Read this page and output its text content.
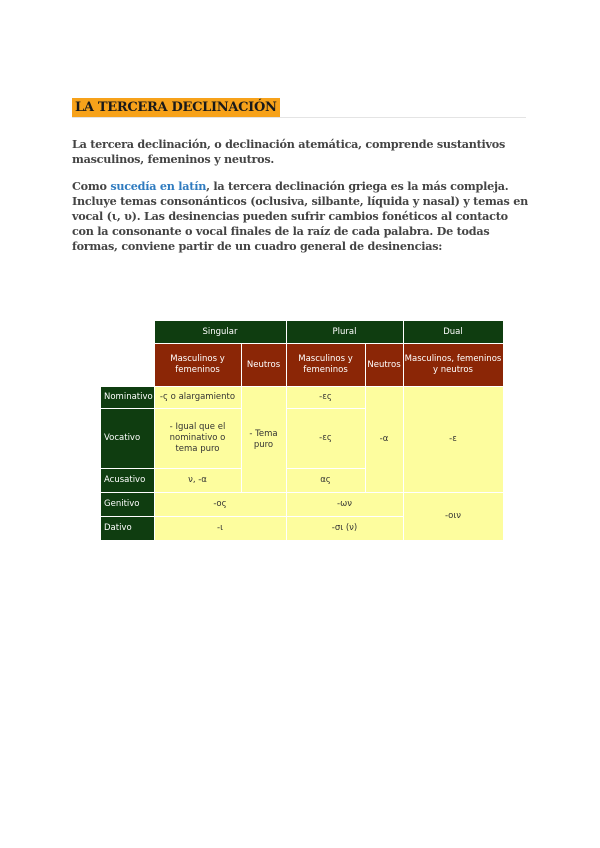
LA TERCERA DECLINACIÓN
La tercera declinación, o declinación atemática, comprende sustantivos masculinos, femeninos y neutros.
Como sucedía en latín, la tercera declinación griega es la más compleja. Incluye temas consonánticos (oclusiva, silbante, líquida y nasal) y temas en vocal (ι, υ). Las desinencias pueden sufrir cambios fonéticos al contacto con la consonante o vocal finales de la raíz de cada palabra. De todas formas, conviene partir de un cuadro general de desinencias:
	Singular		Plural		Dual
	Masculinos y femeninos	Neutros	Masculinos y femeninos	Neutros	Masculinos, femeninos y neutros
Nominativo	-ς o alargamiento	- Tema puro	-ες	-α	-ε
Vocativo	- Igual que el nominativo o tema puro		-ες		
Acusativo	ν, -α		ας		
Genitivo	-ος		-ων		-οιν
Dativo	-ι		-σι (ν)		
